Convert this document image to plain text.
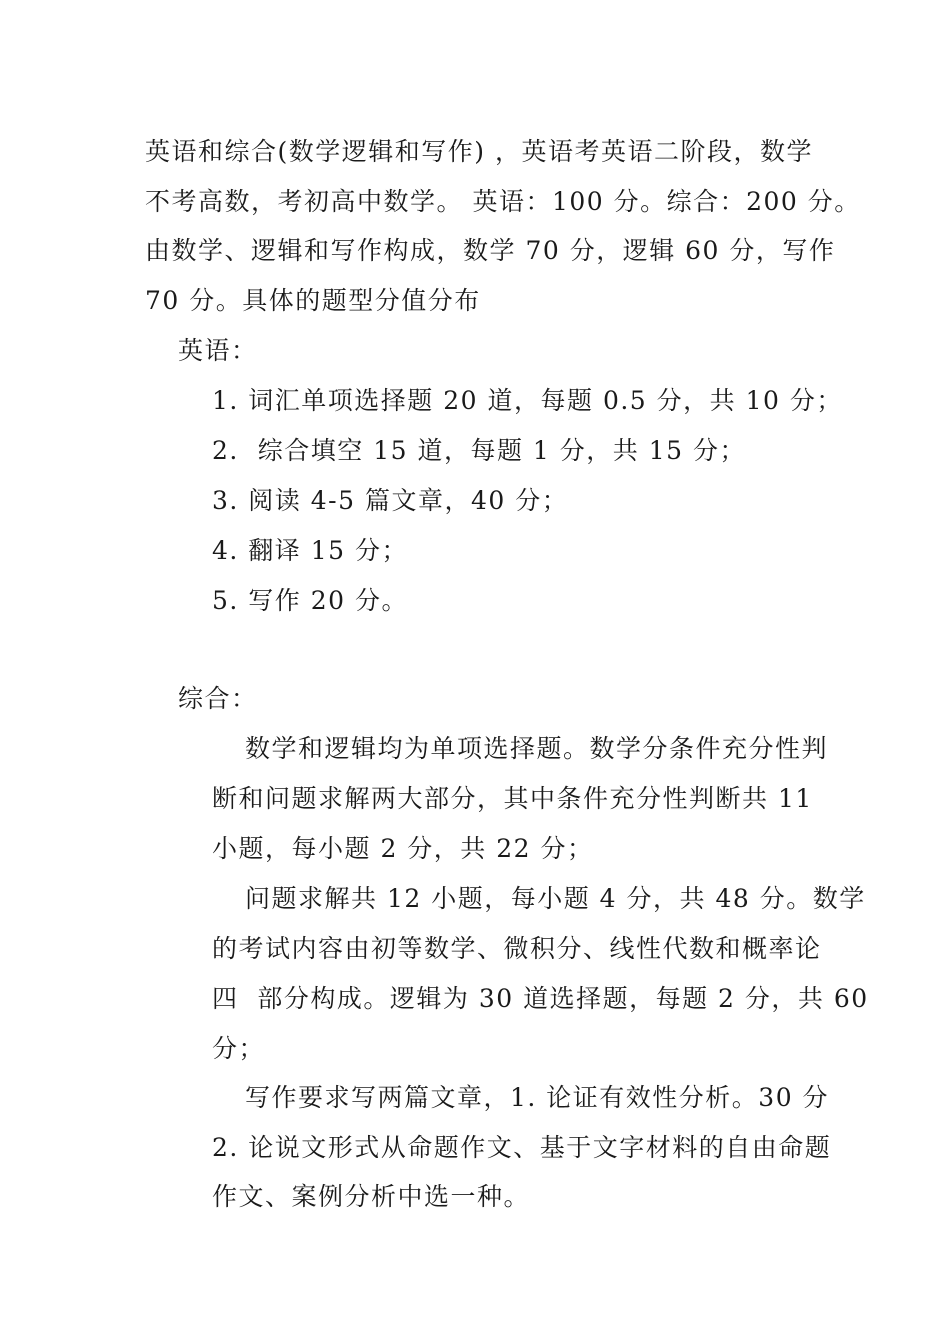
英语和综合(数学逻辑和写作) ，英语考英语二阶段，数学
不考高数，考初高中数学。 英语：100 分。综合：200 分。
由数学、逻辑和写作构成，数学 70 分，逻辑 60 分，写作
70 分。具体的题型分值分布
英语：
1. 词汇单项选择题 20 道，每题 0.5 分，共 10 分；
2.  综合填空 15 道，每题 1 分，共 15 分；
3. 阅读 4-5 篇文章，40 分；
4. 翻译 15 分；
5. 写作 20 分。
综合：
数学和逻辑均为单项选择题。数学分条件充分性判
断和问题求解两大部分，其中条件充分性判断共 11
小题，每小题 2 分，共 22 分；
问题求解共 12 小题，每小题 4 分，共 48 分。数学
的考试内容由初等数学、微积分、线性代数和概率论
四  部分构成。逻辑为 30 道选择题，每题 2 分，共 60
分；
写作要求写两篇文章，1. 论证有效性分析。30 分
2. 论说文形式从命题作文、基于文字材料的自由命题
作文、案例分析中选一种。
